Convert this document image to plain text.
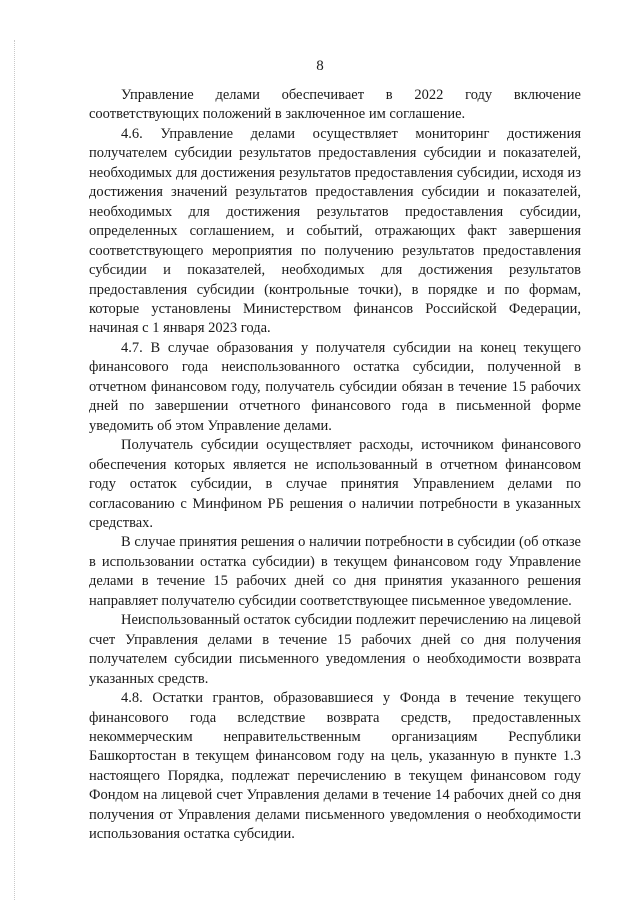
8

Управление делами обеспечивает в 2022 году включение соответствующих положений в заключенное им соглашение.

4.6. Управление делами осуществляет мониторинг достижения получателем субсидии результатов предоставления субсидии и показателей, необходимых для достижения результатов предоставления субсидии, исходя из достижения значений результатов предоставления субсидии и показателей, необходимых для достижения результатов предоставления субсидии, определенных соглашением, и событий, отражающих факт завершения соответствующего мероприятия по получению результатов предоставления субсидии и показателей, необходимых для достижения результатов предоставления субсидии (контрольные точки), в порядке и по формам, которые установлены Министерством финансов Российской Федерации, начиная с 1 января 2023 года.

4.7. В случае образования у получателя субсидии на конец текущего финансового года неиспользованного остатка субсидии, полученной в отчетном финансовом году, получатель субсидии обязан в течение 15 рабочих дней по завершении отчетного финансового года в письменной форме уведомить об этом Управление делами.

Получатель субсидии осуществляет расходы, источником финансового обеспечения которых является не использованный в отчетном финансовом году остаток субсидии, в случае принятия Управлением делами по согласованию с Минфином РБ решения о наличии потребности в указанных средствах.

В случае принятия решения о наличии потребности в субсидии (об отказе в использовании остатка субсидии) в текущем финансовом году Управление делами в течение 15 рабочих дней со дня принятия указанного решения направляет получателю субсидии соответствующее письменное уведомление.

Неиспользованный остаток субсидии подлежит перечислению на лицевой счет Управления делами в течение 15 рабочих дней со дня получения получателем субсидии письменного уведомления о необходимости возврата указанных средств.

4.8. Остатки грантов, образовавшиеся у Фонда в течение текущего финансового года вследствие возврата средств, предоставленных некоммерческим неправительственным организациям Республики Башкортостан в текущем финансовом году на цель, указанную в пункте 1.3 настоящего Порядка, подлежат перечислению в текущем финансовом году Фондом на лицевой счет Управления делами в течение 14 рабочих дней со дня получения от Управления делами письменного уведомления о необходимости использования остатка субсидии.
